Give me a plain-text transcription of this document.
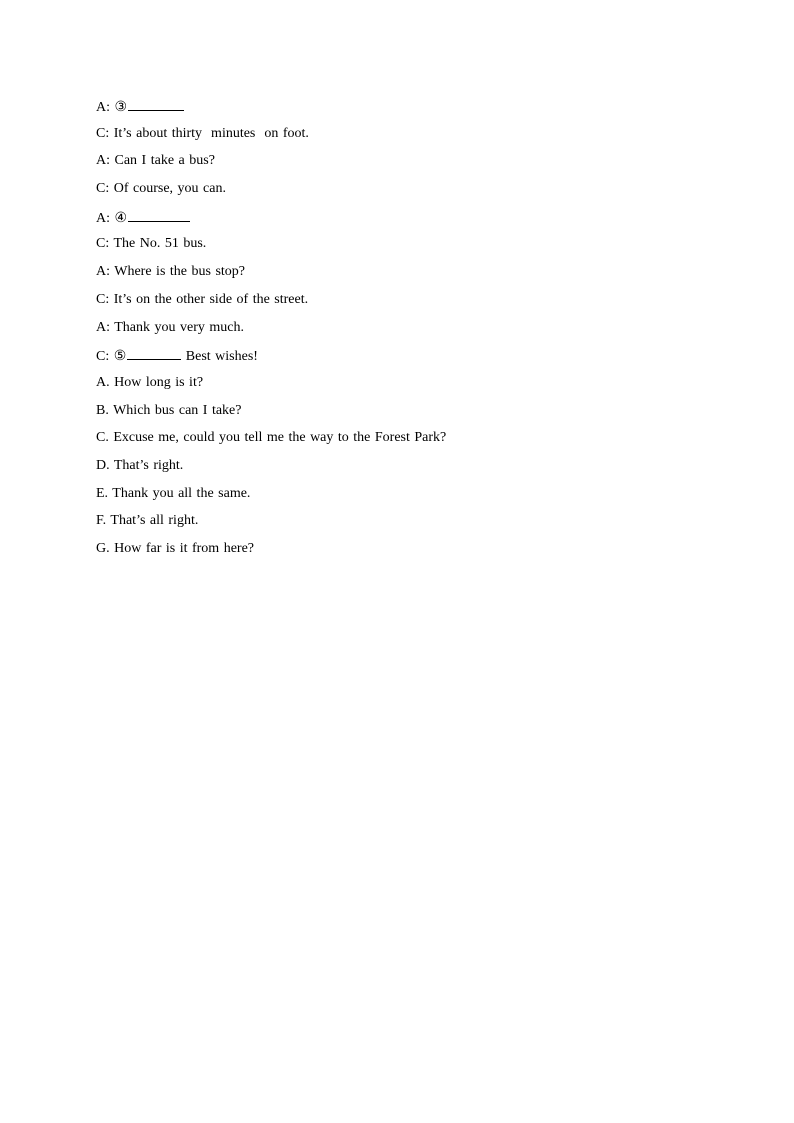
A: ③
C: It’s about thirty  minutes  on foot.
A: Can I take a bus?
C: Of course, you can.
A: ④
C: The No. 51 bus.
A: Where is the bus stop?
C: It’s on the other side of the street.
A: Thank you very much.
C: ⑤	Best wishes!
A. How long is it?
B. Which bus can I take?
C. Excuse me, could you tell me the way to the Forest Park?
D. That’s right.
E. Thank you all the same.
F. That’s all right.
G. How far is it from here?
